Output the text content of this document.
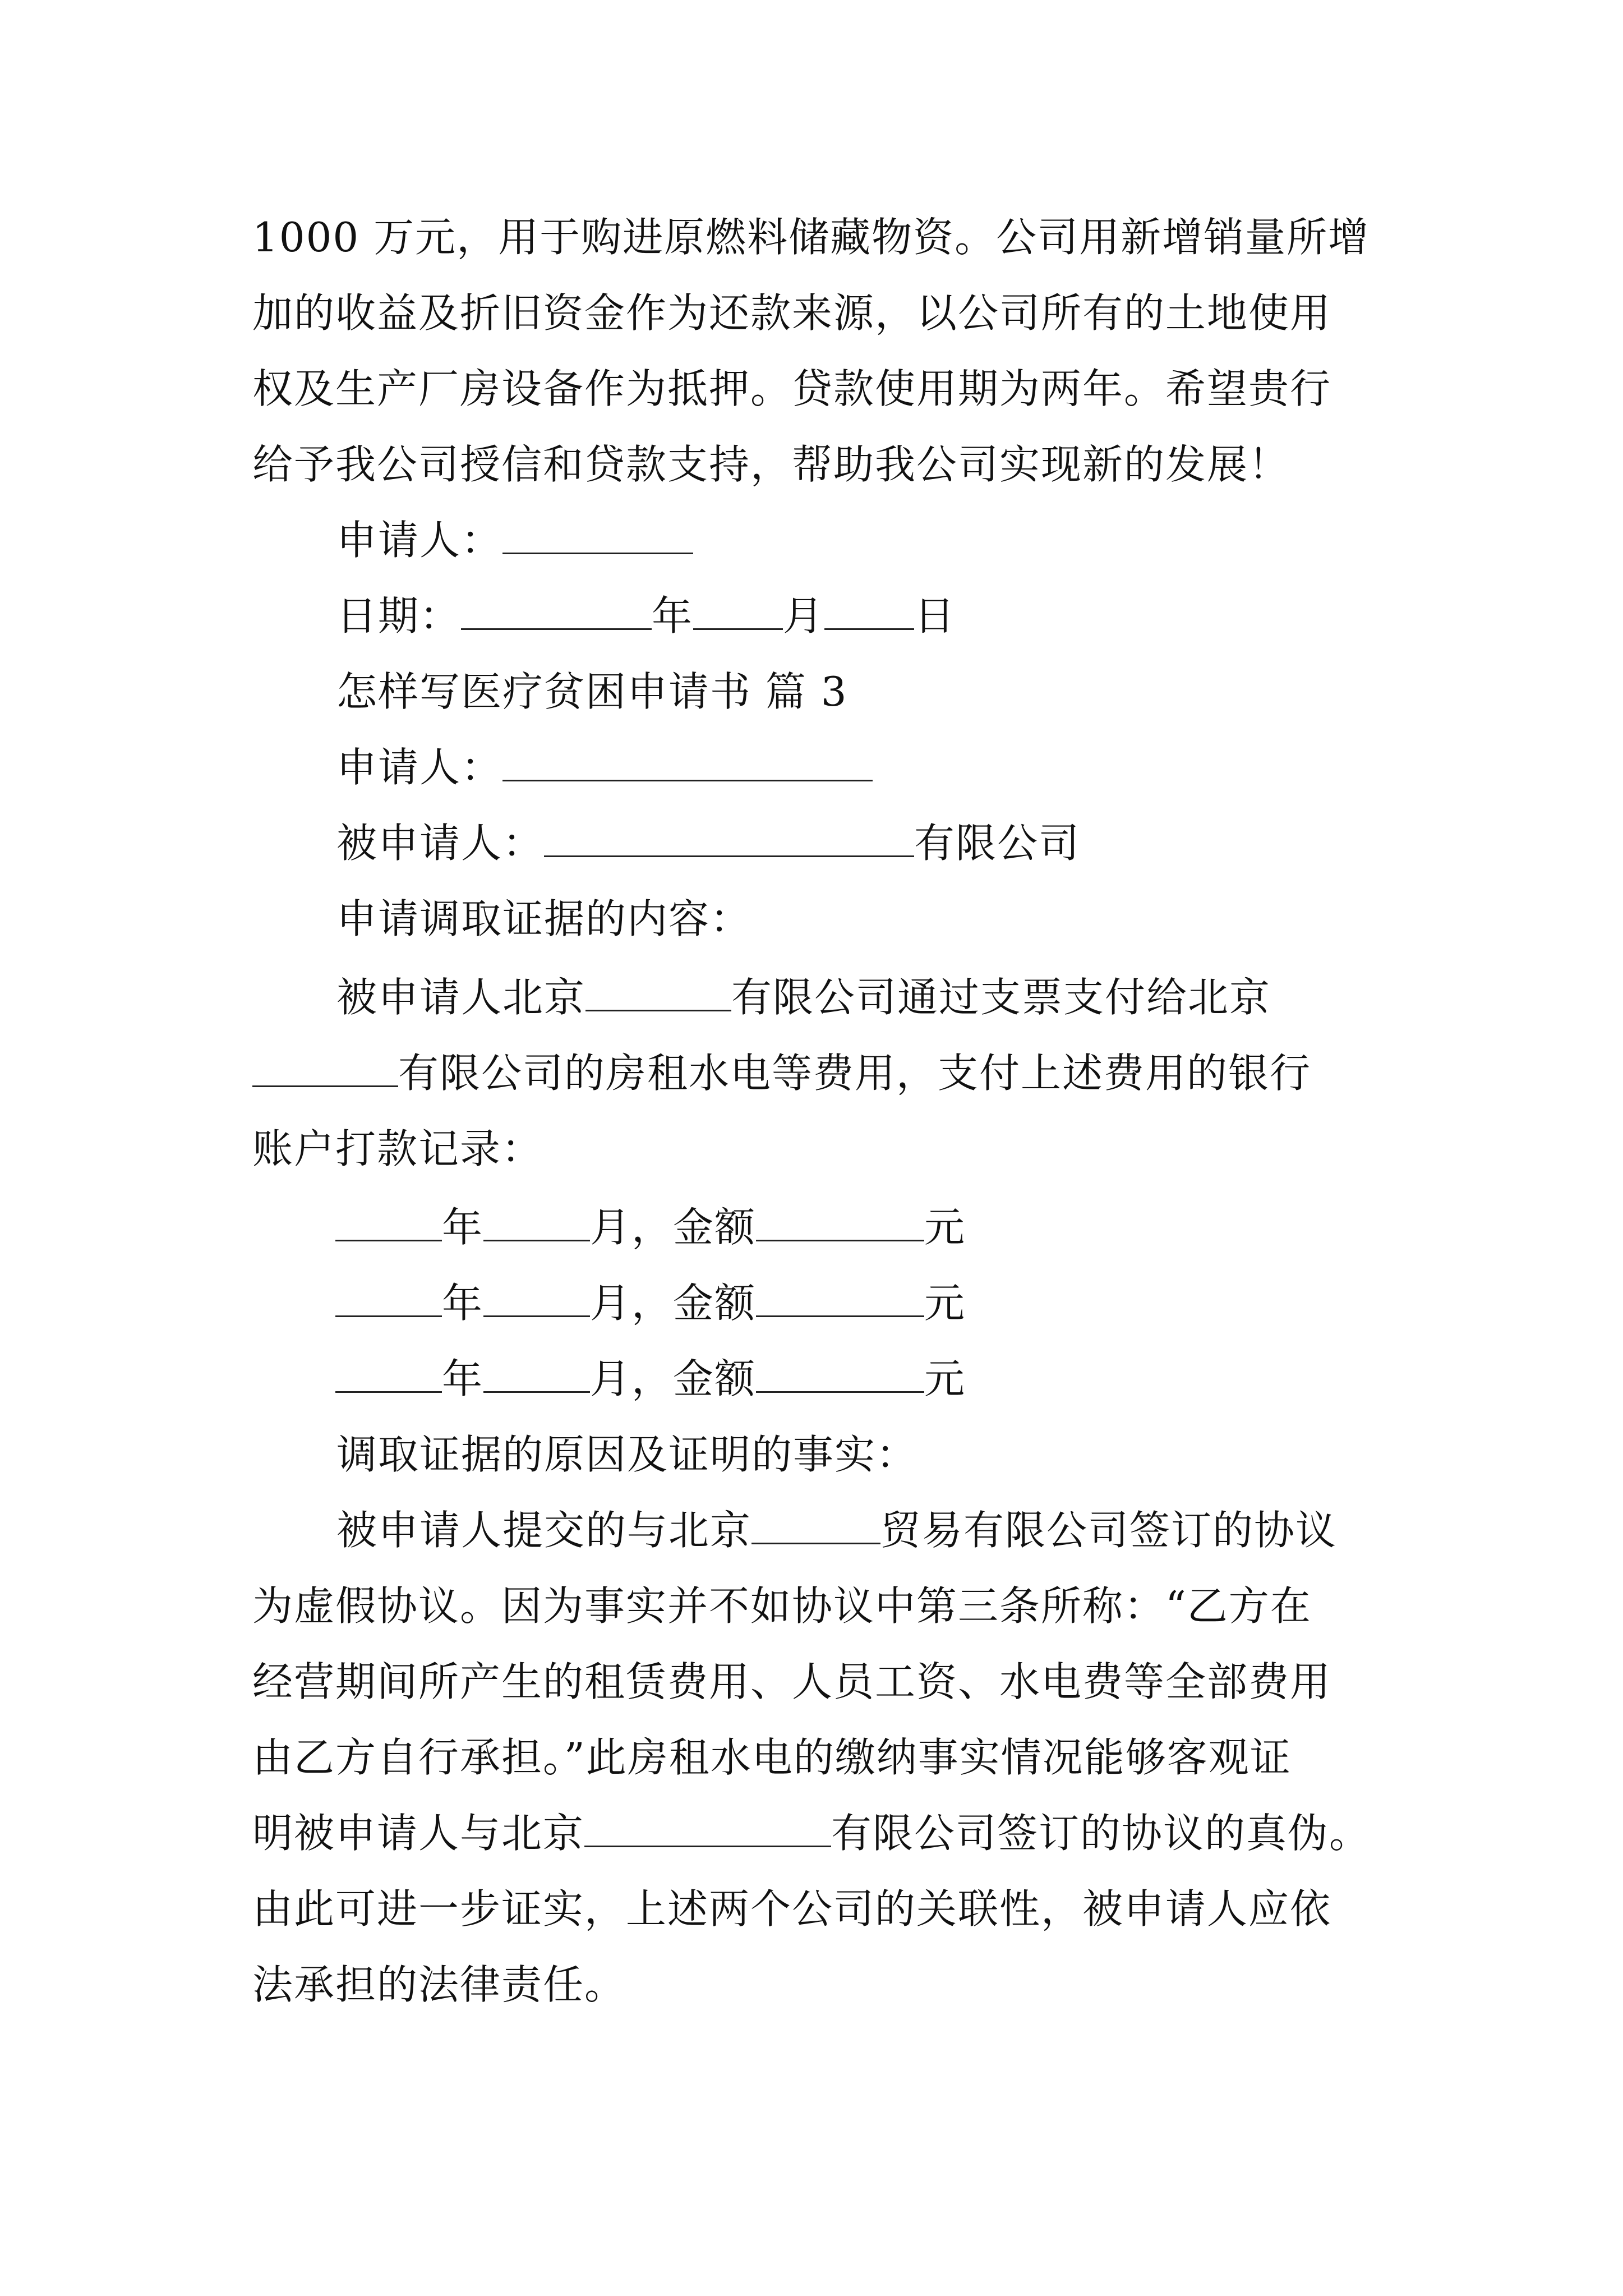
1000 万元，用于购进原燃料储藏物资。公司用新增销量所增
加的收益及折旧资金作为还款来源，以公司所有的土地使用
权及生产厂房设备作为抵押。贷款使用期为两年。希望贵行
给予我公司授信和贷款支持，帮助我公司实现新的发展！
申请人：
日期：	年 月 日
怎样写医疗贫困申请书 篇 3
申请人：
被申请人：	有限公司
申请调取证据的内容：
被申请人北京	有限公司通过支票支付给北京
有限公司的房租水电等费用，支付上述费用的银行
账户打款记录：
年	月，金额	元
年	月，金额	元
年	月，金额	元
调取证据的原因及证明的事实：
被申请人提交的与北京	贸易有限公司签订的协议
为虚假协议。因为事实并不如协议中第三条所称：“乙方在
经营期间所产生的租赁费用、人员工资、水电费等全部费用
由乙方自行承担。”此房租水电的缴纳事实情况能够客观证
明被申请人与北京	有限公司签订的协议的真伪。
由此可进一步证实，上述两个公司的关联性，被申请人应依
法承担的法律责任。
